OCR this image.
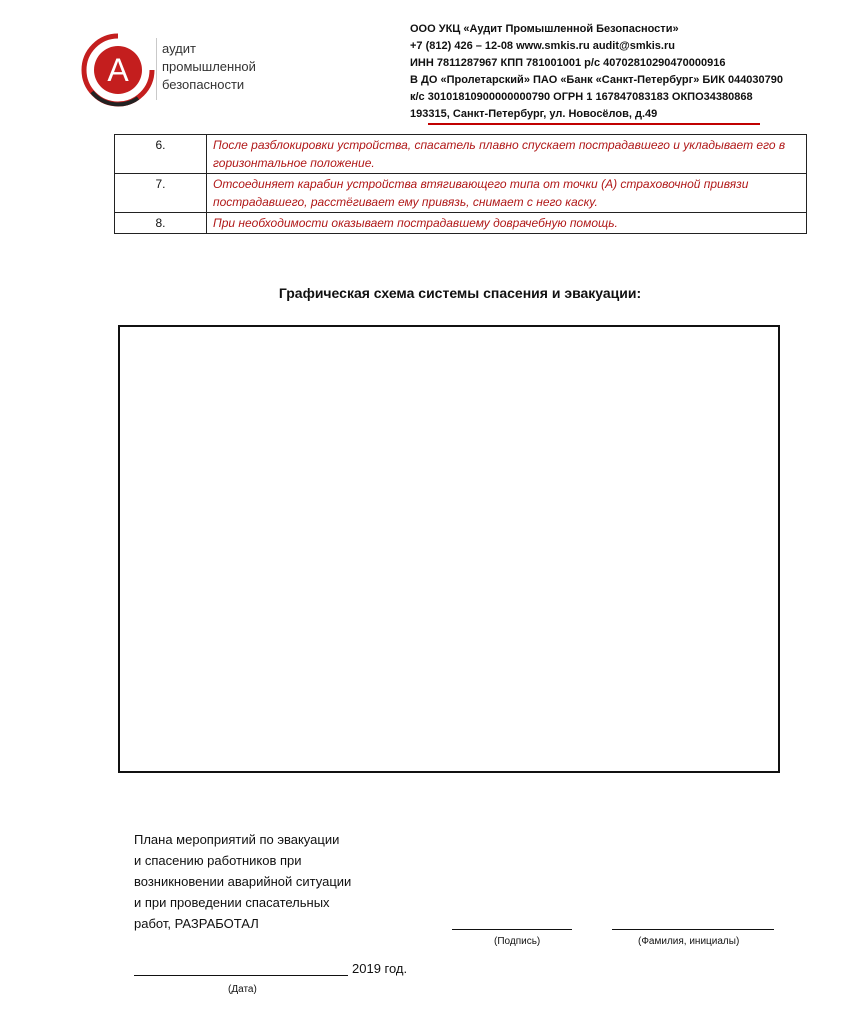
А
аудит
промышленной
безопасности
ООО УКЦ «Аудит Промышленной Безопасности»
+7 (812) 426 – 12-08 www.smkis.ru audit@smkis.ru
ИНН 7811287967 КПП 781001001 р/с 40702810290470000916
В ДО «Пролетарский» ПАО «Банк «Санкт-Петербург» БИК 044030790
к/с 30101810900000000790 ОГРН 1 167847083183 ОКПО34380868
193315, Санкт-Петербург, ул. Новосёлов, д.49
6.	После разблокировки устройства, спасатель плавно спускает пострадавшего и укладывает его в горизонтальное положение.
7.	Отсоединяет карабин устройства втягивающего типа от точки (А) страховочной привязи пострадавшего, расстёгивает ему привязь, снимает с него каску.
8.	При необходимости оказывает пострадавшему доврачебную помощь.
Графическая схема системы спасения и эвакуации:
Плана мероприятий по эвакуации
и спасению работников при
возникновении аварийной ситуации
и при проведении спасательных
работ, РАЗРАБОТАЛ
(Подпись)	(Фамилия, инициалы)
2019 год.
(Дата)
